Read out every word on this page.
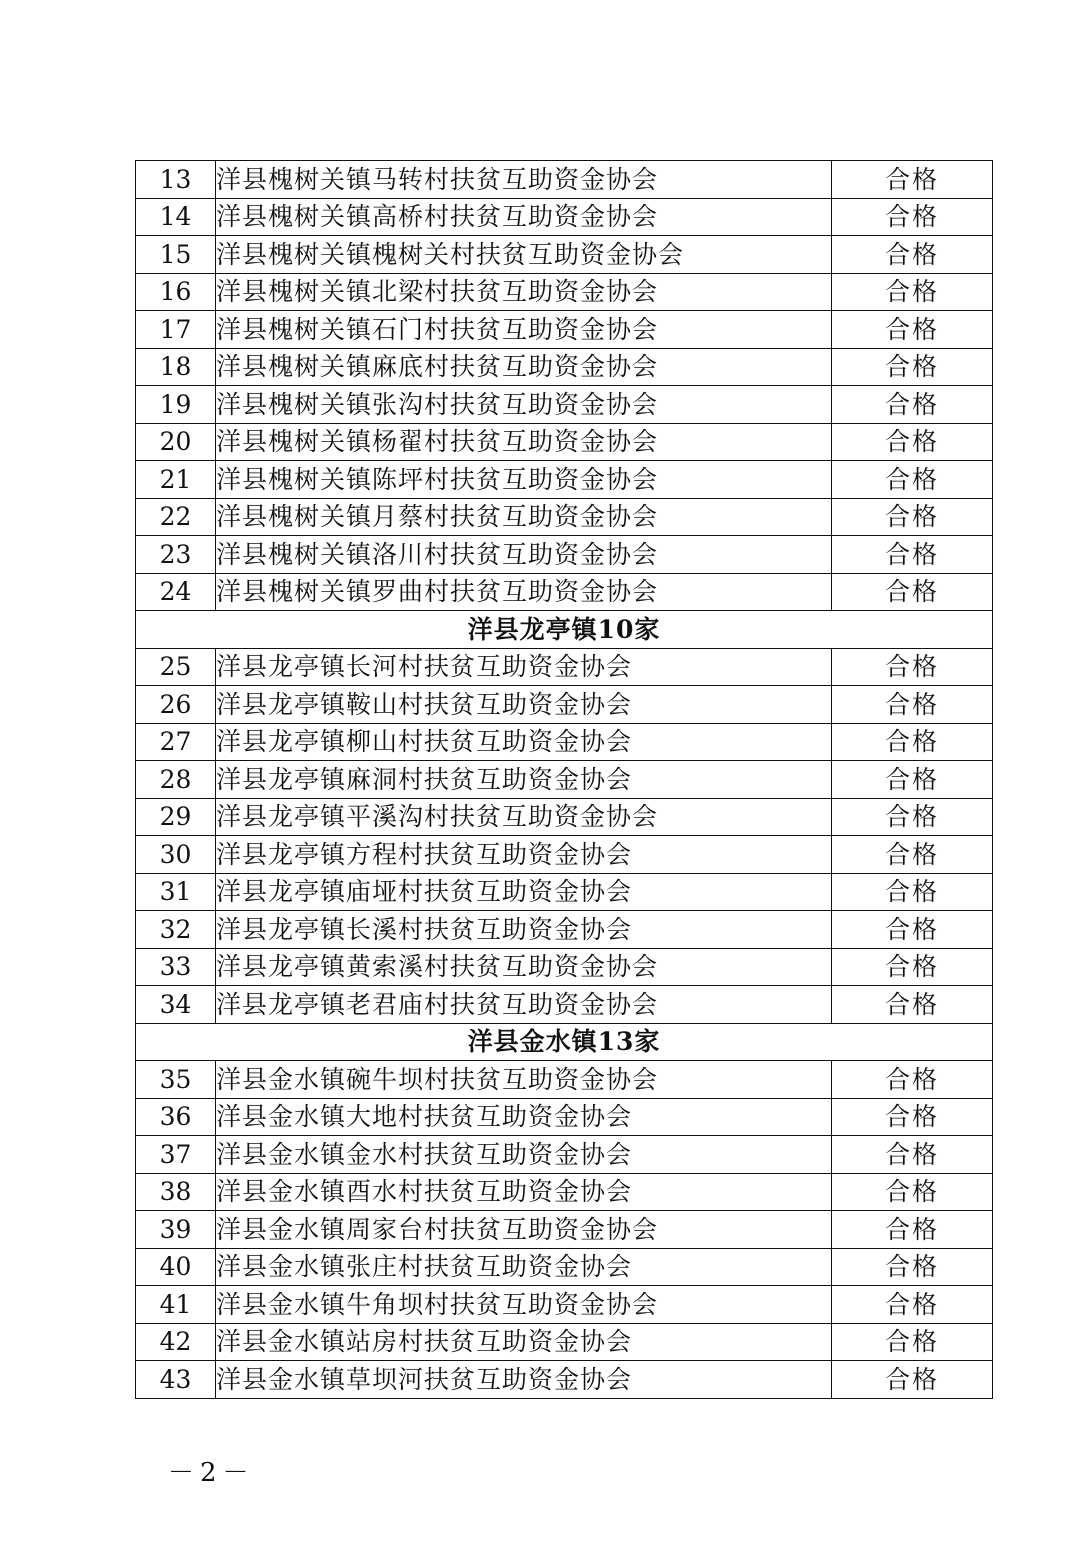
13	洋县槐树关镇马转村扶贫互助资金协会	合格
14	洋县槐树关镇高桥村扶贫互助资金协会	合格
15	洋县槐树关镇槐树关村扶贫互助资金协会	合格
16	洋县槐树关镇北梁村扶贫互助资金协会	合格
17	洋县槐树关镇石门村扶贫互助资金协会	合格
18	洋县槐树关镇麻底村扶贫互助资金协会	合格
19	洋县槐树关镇张沟村扶贫互助资金协会	合格
20	洋县槐树关镇杨翟村扶贫互助资金协会	合格
21	洋县槐树关镇陈坪村扶贫互助资金协会	合格
22	洋县槐树关镇月蔡村扶贫互助资金协会	合格
23	洋县槐树关镇洛川村扶贫互助资金协会	合格
24	洋县槐树关镇罗曲村扶贫互助资金协会	合格
洋县龙亭镇10家		
25	洋县龙亭镇长河村扶贫互助资金协会	合格
26	洋县龙亭镇鞍山村扶贫互助资金协会	合格
27	洋县龙亭镇柳山村扶贫互助资金协会	合格
28	洋县龙亭镇麻洞村扶贫互助资金协会	合格
29	洋县龙亭镇平溪沟村扶贫互助资金协会	合格
30	洋县龙亭镇方程村扶贫互助资金协会	合格
31	洋县龙亭镇庙垭村扶贫互助资金协会	合格
32	洋县龙亭镇长溪村扶贫互助资金协会	合格
33	洋县龙亭镇黄索溪村扶贫互助资金协会	合格
34	洋县龙亭镇老君庙村扶贫互助资金协会	合格
洋县金水镇13家		
35	洋县金水镇碗牛坝村扶贫互助资金协会	合格
36	洋县金水镇大地村扶贫互助资金协会	合格
37	洋县金水镇金水村扶贫互助资金协会	合格
38	洋县金水镇酉水村扶贫互助资金协会	合格
39	洋县金水镇周家台村扶贫互助资金协会	合格
40	洋县金水镇张庄村扶贫互助资金协会	合格
41	洋县金水镇牛角坝村扶贫互助资金协会	合格
42	洋县金水镇站房村扶贫互助资金协会	合格
43	洋县金水镇草坝河扶贫互助资金协会	合格
－2－
